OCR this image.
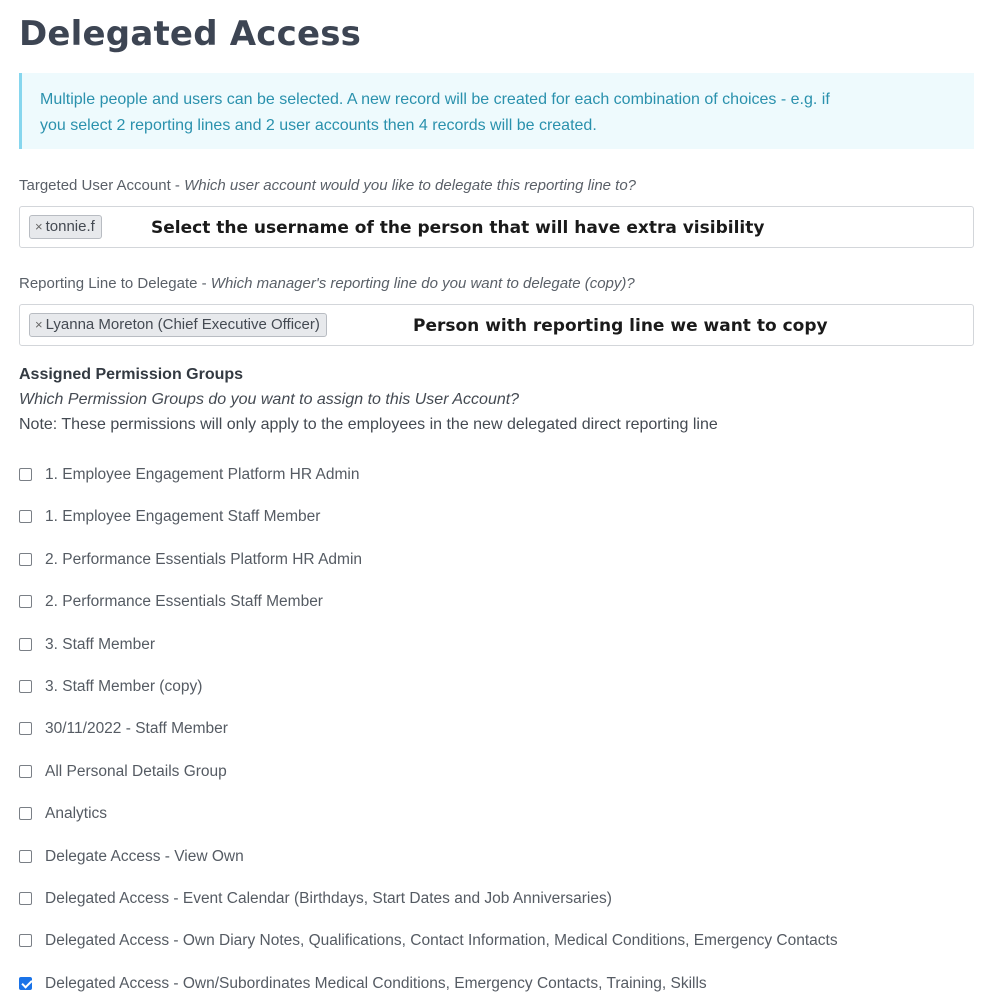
Delegated Access
Multiple people and users can be selected. A new record will be created for each combination of choices - e.g. if
you select 2 reporting lines and 2 user accounts then 4 records will be created.
Targeted User Account - Which user account would you like to delegate this reporting line to?
× tonnie.f	Select the username of the person that will have extra visibility
Reporting Line to Delegate - Which manager's reporting line do you want to delegate (copy)?
× Lyanna Moreton (Chief Executive Officer)	Person with reporting line we want to copy
Assigned Permission Groups
Which Permission Groups do you want to assign to this User Account?
Note: These permissions will only apply to the employees in the new delegated direct reporting line
1. Employee Engagement Platform HR Admin
1. Employee Engagement Staff Member
2. Performance Essentials Platform HR Admin
2. Performance Essentials Staff Member
3. Staff Member
3. Staff Member (copy)
30/11/2022 - Staff Member
All Personal Details Group
Analytics
Delegate Access - View Own
Delegated Access - Event Calendar (Birthdays, Start Dates and Job Anniversaries)
Delegated Access - Own Diary Notes, Qualifications, Contact Information, Medical Conditions, Emergency Contacts
Delegated Access - Own/Subordinates Medical Conditions, Emergency Contacts, Training, Skills
